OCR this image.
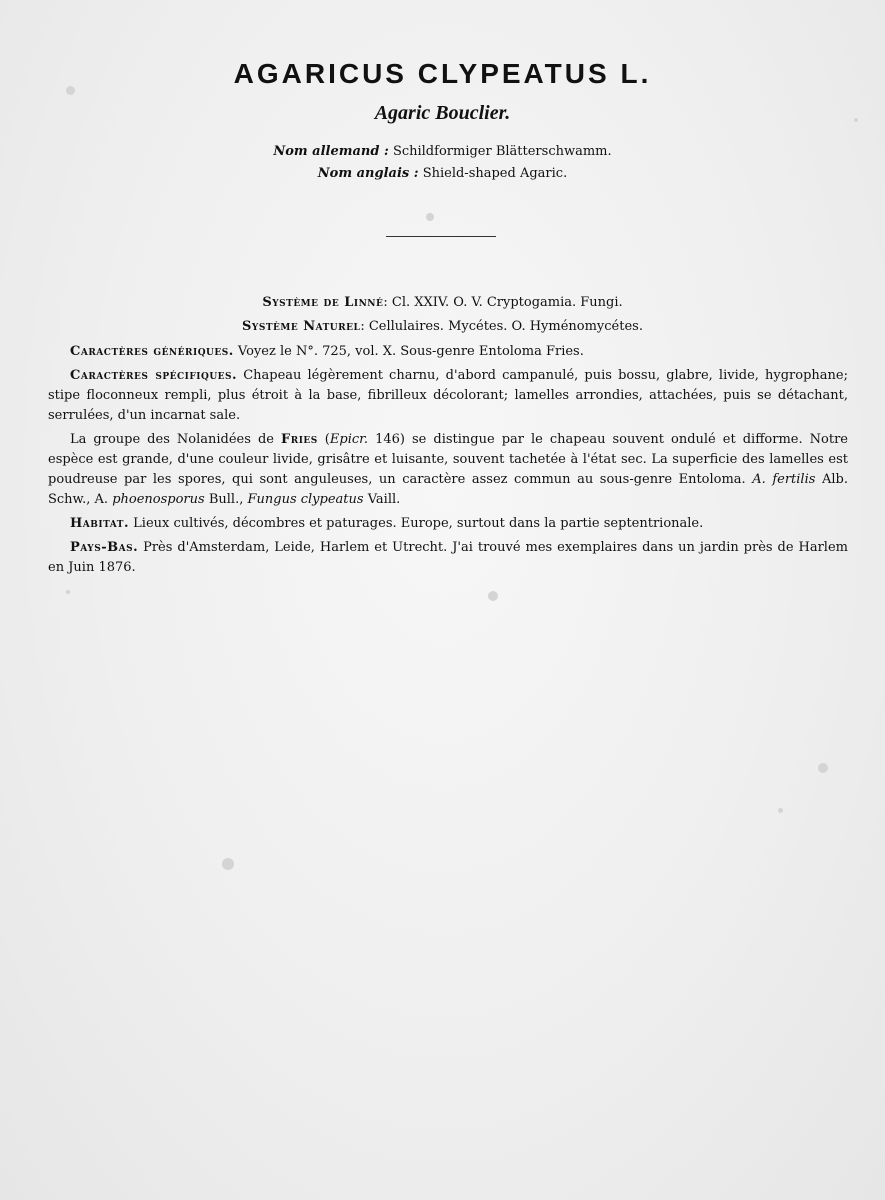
AGARICUS CLYPEATUS L.
Agaric Bouclier.
Nom allemand : Schildformiger Blätterschwamm.
Nom anglais : Shield-shaped Agaric.
Système de Linné: Cl. XXIV. O. V. Cryptogamia. Fungi.
Système Naturel: Cellulaires. Mycétes. O. Hyménomycétes.

Caractères génériques. Voyez le N°. 725, vol. X. Sous-genre Entoloma Fries.

Caractères spécifiques. Chapeau légèrement charnu, d'abord campanulé, puis bossu, glabre, livide, hygrophane; stipe floconneux rempli, plus étroit à la base, fibrilleux décolorant; lamelles arrondies, attachées, puis se détachant, serrulées, d'un incarnat sale.

La groupe des Nolanidées de Fries (Epicr. 146) se distingue par le chapeau souvent ondulé et difforme. Notre espèce est grande, d'une couleur livide, grisâtre et luisante, souvent tachetée à l'état sec. La superficie des lamelles est poudreuse par les spores, qui sont anguleuses, un caractère assez commun au sous-genre Entoloma. A. fertilis Alb. Schw., A. phoenosporus Bull., Fungus clypeatus Vaill.

Habitat. Lieux cultivés, décombres et paturages. Europe, surtout dans la partie septentrionale.

Pays-Bas. Près d'Amsterdam, Leide, Harlem et Utrecht. J'ai trouvé mes exemplaires dans un jardin près de Harlem en Juin 1876.
